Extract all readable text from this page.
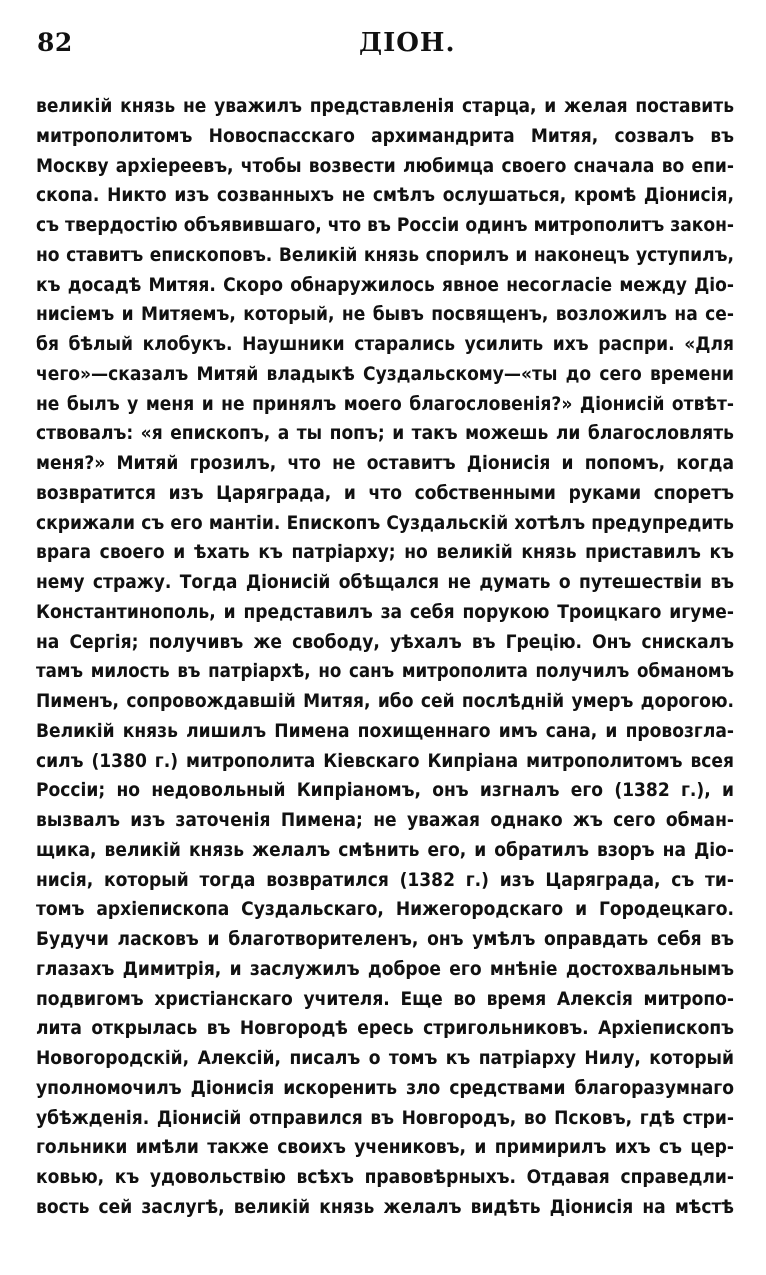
82	ДІОН.
великій князь не уважилъ представленія старца, и желая поставить
митрополитомъ Новоспасскаго архимандрита Митяя, созвалъ въ
Москву архіереевъ, чтобы возвести любимца своего сначала во епи-
скопа. Никто изъ созванныхъ не смѣлъ ослушаться, кромѣ Діонисія,
съ твердостію объявившаго, что въ Россіи одинъ митрополитъ закон-
но ставитъ епископовъ. Великій князь спорилъ и наконецъ уступилъ,
къ досадѣ Митяя. Скоро обнаружилось явное несогласіе между Діо-
нисіемъ и Митяемъ, который, не бывъ посвященъ, возложилъ на се-
бя бѣлый клобукъ. Наушники старались усилить ихъ распри. «Для
чего»—сказалъ Митяй владыкѣ Суздальскому—«ты до сего времени
не былъ у меня и не принялъ моего благословенія?» Діонисій отвѣт-
ствовалъ: «я епископъ, а ты попъ; и такъ можешь ли благословлять
меня?» Митяй грозилъ, что не оставитъ Діонисія и попомъ, когда
возвратится изъ Царяграда, и что собственными руками споретъ
скрижали съ его мантіи. Епископъ Суздальскій хотѣлъ предупредить
врага своего и ѣхать къ патріарху; но великій князь приставилъ къ
нему стражу. Тогда Діонисій обѣщался не думать о путешествіи въ
Константинополь, и представилъ за себя порукою Троицкаго игуме-
на Сергія; получивъ же свободу, уѣхалъ въ Грецію. Онъ снискалъ
тамъ милость въ патріархѣ, но санъ митрополита получилъ обманомъ
Пименъ, сопровождавшій Митяя, ибо сей послѣдній умеръ дорогою.
Великій князь лишилъ Пимена похищеннаго имъ сана, и провозгла-
силъ (1380 г.) митрополита Кіевскаго Кипріана митрополитомъ всея
Россіи; но недовольный Кипріаномъ, онъ изгналъ его (1382 г.), и
вызвалъ изъ заточенія Пимена; не уважая однако жъ сего обман-
щика, великій князь желалъ смѣнить его, и обратилъ взоръ на Діо-
нисія, который тогда возвратился (1382 г.) изъ Царяграда, съ ти-
томъ архіепископа Суздальскаго, Нижегородскаго и Городецкаго.
Будучи ласковъ и благотворителенъ, онъ умѣлъ оправдать себя въ
глазахъ Димитрія, и заслужилъ доброе его мнѣніе достохвальнымъ
подвигомъ христіанскаго учителя. Еще во время Алексія митропо-
лита открылась въ Новгородѣ ересь стригольниковъ. Архіепископъ
Новогородскій, Алексій, писалъ о томъ къ патріарху Нилу, который
уполномочилъ Діонисія искоренить зло средствами благоразумнаго
убѣжденія. Діонисій отправился въ Новгородъ, во Псковъ, гдѣ стри-
гольники имѣли также своихъ учениковъ, и примирилъ ихъ съ цер-
ковью, къ удовольствію всѣхъ правовѣрныхъ. Отдавая справедли-
вость сей заслугѣ, великій князь желалъ видѣть Діонисія на мѣстѣ
